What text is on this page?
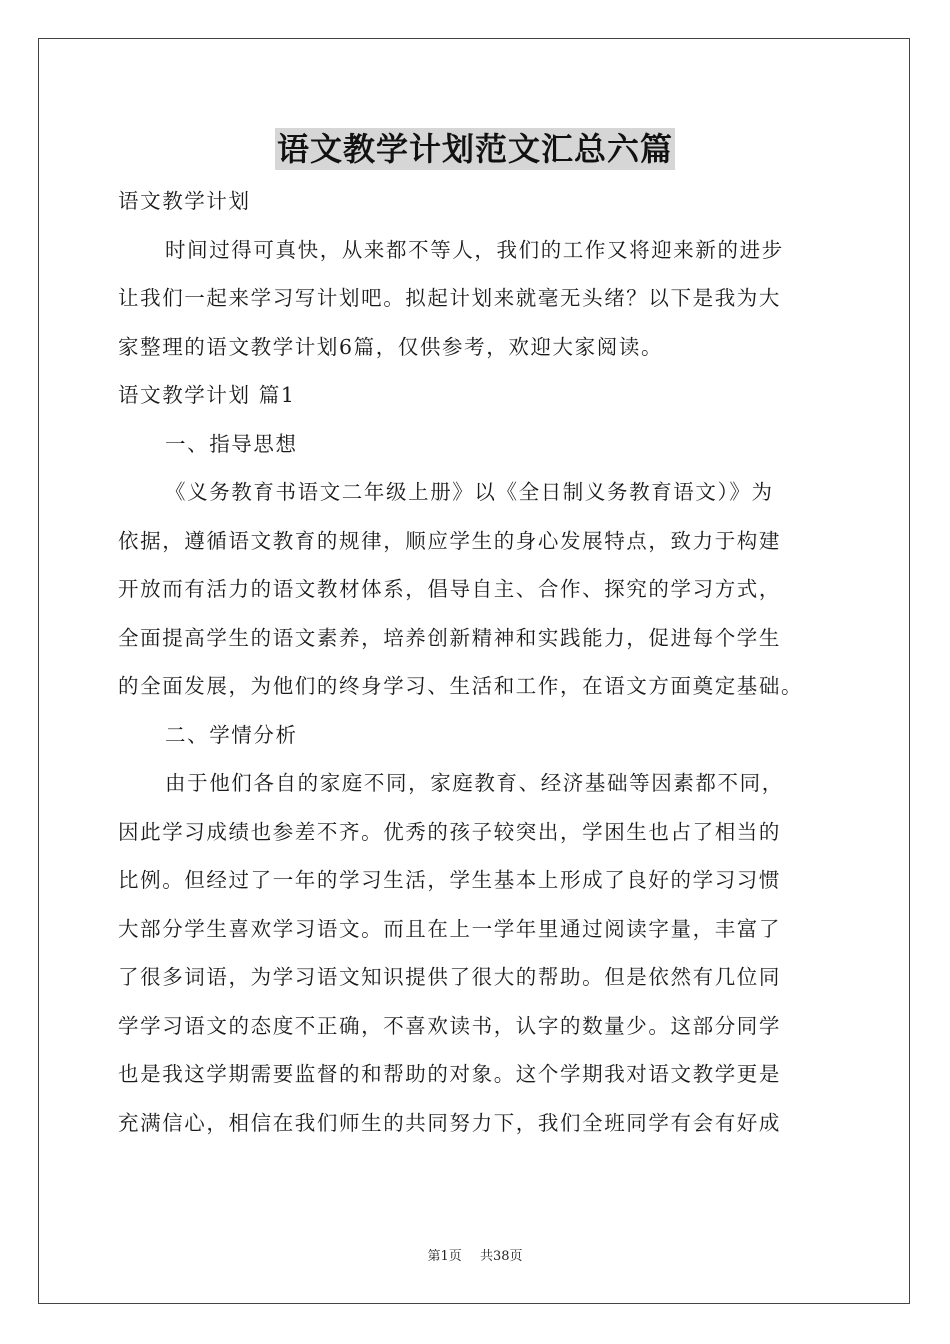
语文教学计划范文汇总六篇
语文教学计划
时间过得可真快，从来都不等人，我们的工作又将迎来新的进步
让我们一起来学习写计划吧。拟起计划来就毫无头绪？以下是我为大
家整理的语文教学计划6篇，仅供参考，欢迎大家阅读。
语文教学计划 篇1
一、指导思想
《义务教育书语文二年级上册》以《全日制义务教育语文）》为
依据，遵循语文教育的规律，顺应学生的身心发展特点，致力于构建
开放而有活力的语文教材体系，倡导自主、合作、探究的学习方式，
全面提高学生的语文素养，培养创新精神和实践能力，促进每个学生
的全面发展，为他们的终身学习、生活和工作，在语文方面奠定基础。
二、学情分析
由于他们各自的家庭不同，家庭教育、经济基础等因素都不同，
因此学习成绩也参差不齐。优秀的孩子较突出，学困生也占了相当的
比例。但经过了一年的学习生活，学生基本上形成了良好的学习习惯
大部分学生喜欢学习语文。而且在上一学年里通过阅读字量，丰富了
了很多词语，为学习语文知识提供了很大的帮助。但是依然有几位同
学学习语文的态度不正确，不喜欢读书，认字的数量少。这部分同学
也是我这学期需要监督的和帮助的对象。这个学期我对语文教学更是
充满信心，相信在我们师生的共同努力下，我们全班同学有会有好成
第1页 共38页
